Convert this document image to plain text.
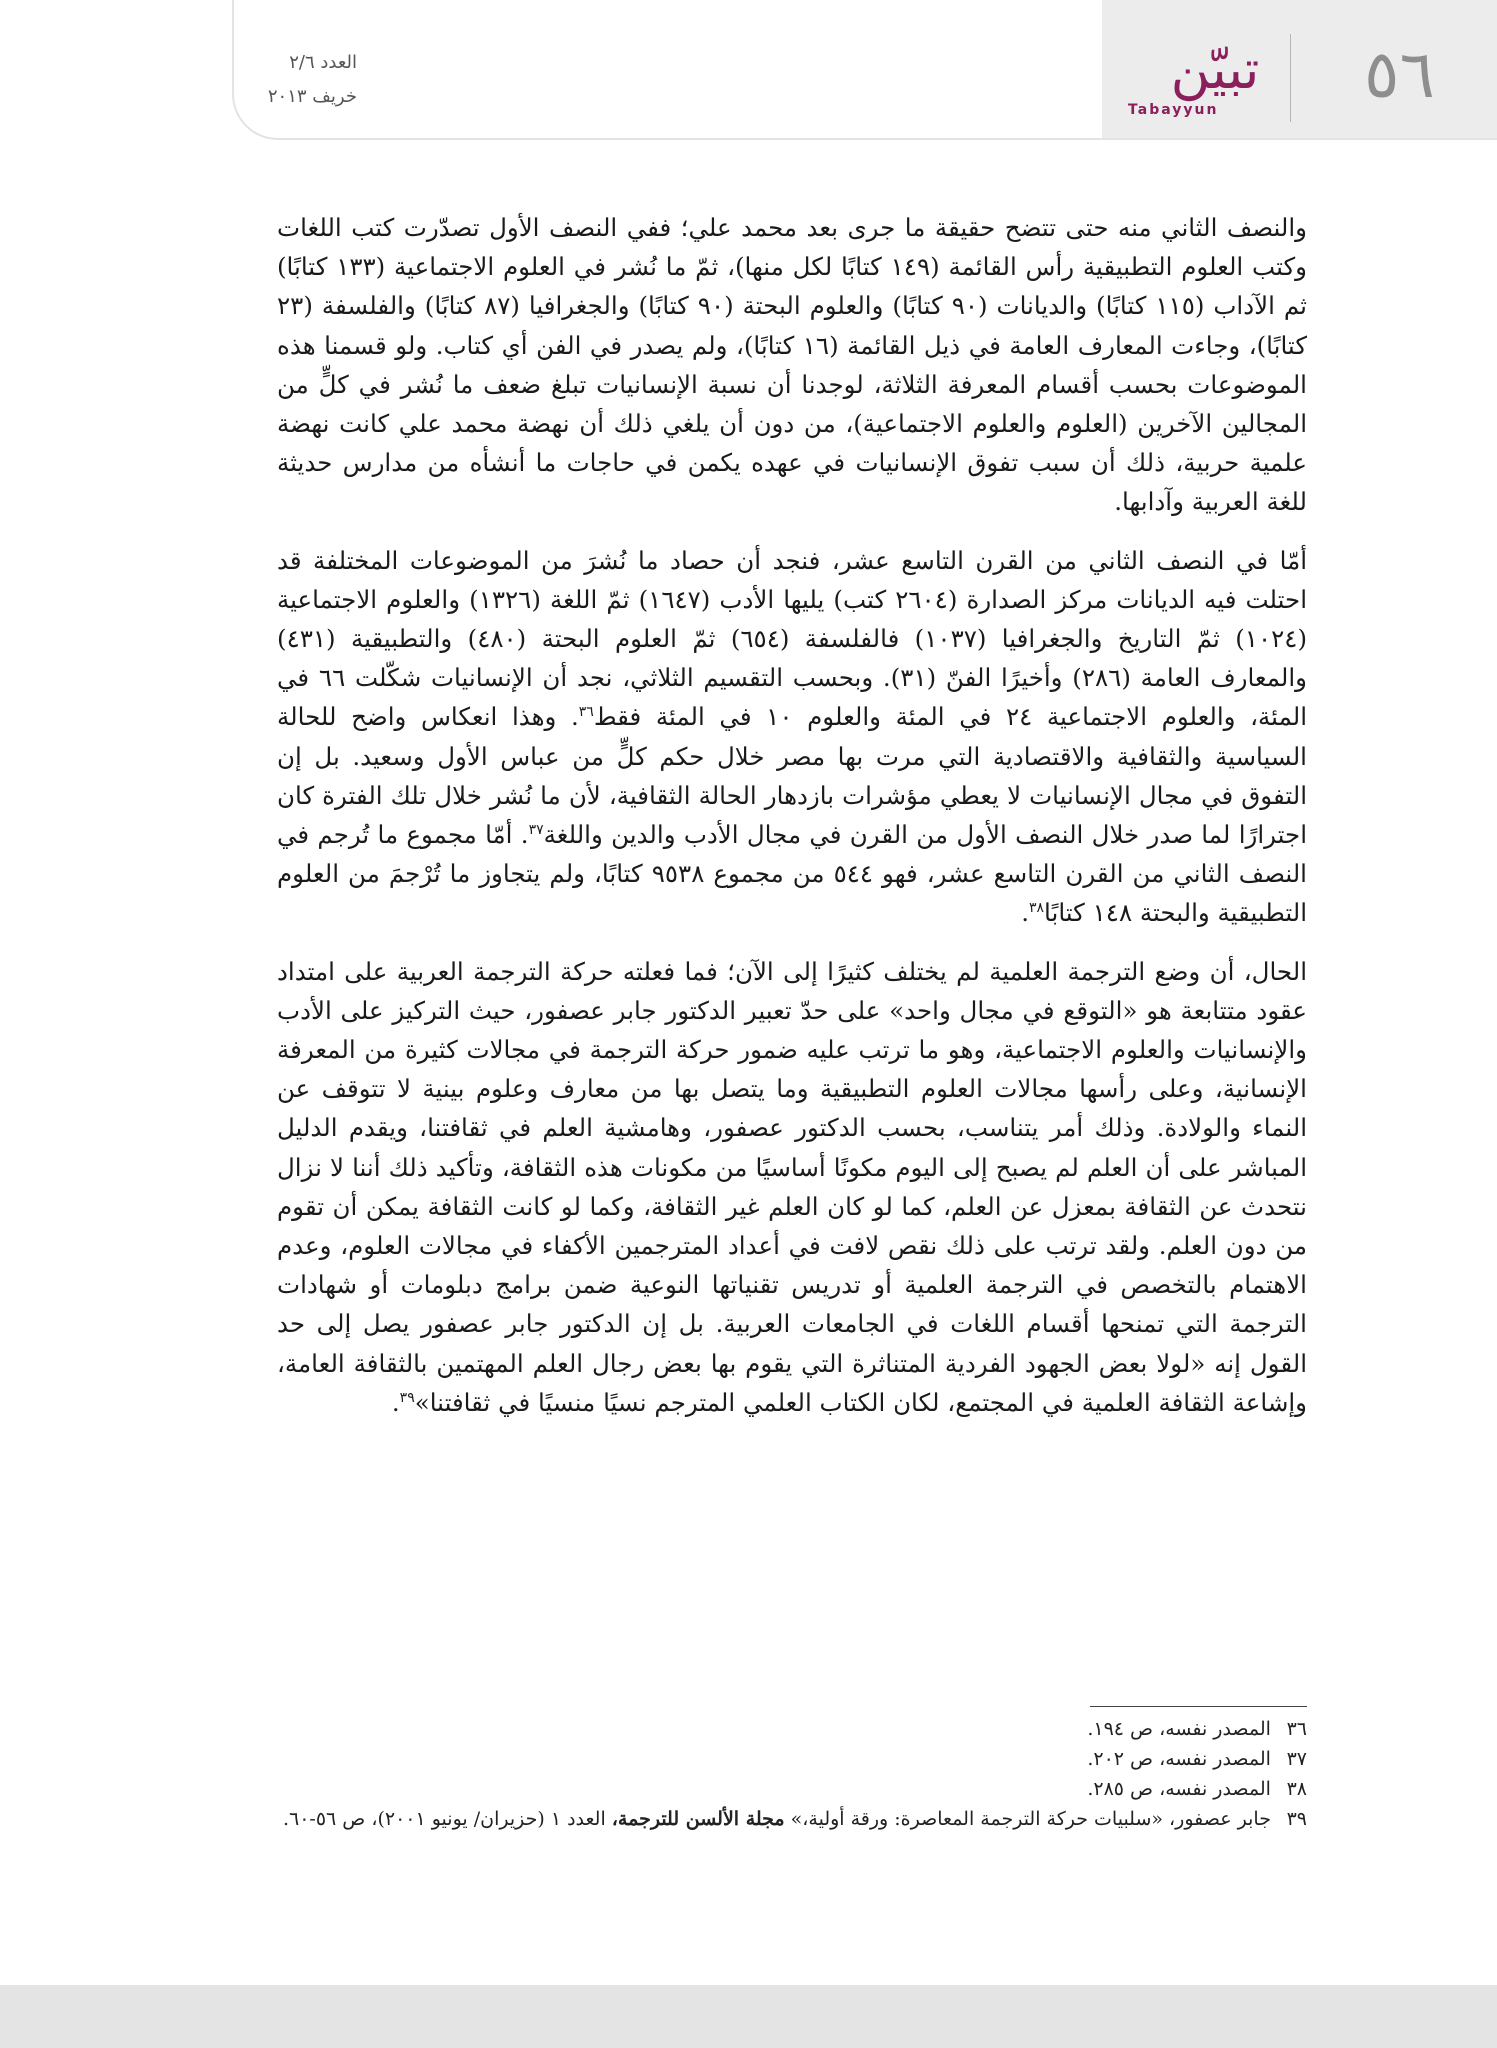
العدد ٢/٦
خريف ٢٠١٣	تبيّن
Tabayyun	٥٦

والنصف الثاني منه حتى تتضح حقيقة ما جرى بعد محمد علي؛ ففي النصف الأول تصدّرت كتب اللغات وكتب العلوم التطبيقية رأس القائمة (١٤٩ كتابًا لكل منها)، ثمّ ما نُشر في العلوم الاجتماعية (١٣٣ كتابًا) ثم الآداب (١١٥ كتابًا) والديانات (٩٠ كتابًا) والعلوم البحتة (٩٠ كتابًا) والجغرافيا (٨٧ كتابًا) والفلسفة (٢٣ كتابًا)، وجاءت المعارف العامة في ذيل القائمة (١٦ كتابًا)، ولم يصدر في الفن أي كتاب. ولو قسمنا هذه الموضوعات بحسب أقسام المعرفة الثلاثة، لوجدنا أن نسبة الإنسانيات تبلغ ضعف ما نُشر في كلٍّ من المجالين الآخرين (العلوم والعلوم الاجتماعية)، من دون أن يلغي ذلك أن نهضة محمد علي كانت نهضة علمية حربية، ذلك أن سبب تفوق الإنسانيات في عهده يكمن في حاجات ما أنشأه من مدارس حديثة للغة العربية وآدابها.

أمّا في النصف الثاني من القرن التاسع عشر، فنجد أن حصاد ما نُشرَ من الموضوعات المختلفة قد احتلت فيه الديانات مركز الصدارة (٢٦٠٤ كتب) يليها الأدب (١٦٤٧) ثمّ اللغة (١٣٢٦) والعلوم الاجتماعية (١٠٢٤) ثمّ التاريخ والجغرافيا (١٠٣٧) فالفلسفة (٦٥٤) ثمّ العلوم البحتة (٤٨٠) والتطبيقية (٤٣١) والمعارف العامة (٢٨٦) وأخيرًا الفنّ (٣١). وبحسب التقسيم الثلاثي، نجد أن الإنسانيات شكّلت ٦٦ في المئة، والعلوم الاجتماعية ٢٤ في المئة والعلوم ١٠ في المئة فقط$^{٣٦}$. وهذا انعكاس واضح للحالة السياسية والثقافية والاقتصادية التي مرت بها مصر خلال حكم كلٍّ من عباس الأول وسعيد. بل إن التفوق في مجال الإنسانيات لا يعطي مؤشرات بازدهار الحالة الثقافية، لأن ما نُشر خلال تلك الفترة كان اجترارًا لما صدر خلال النصف الأول من القرن في مجال الأدب والدين واللغة$^{٣٧}$. أمّا مجموع ما تُرجم في النصف الثاني من القرن التاسع عشر، فهو ٥٤٤ من مجموع ٩٥٣٨ كتابًا، ولم يتجاوز ما تُرْجمَ من العلوم التطبيقية والبحتة ١٤٨ كتابًا$^{٣٨}$.

الحال، أن وضع الترجمة العلمية لم يختلف كثيرًا إلى الآن؛ فما فعلته حركة الترجمة العربية على امتداد عقود متتابعة هو «التوقع في مجال واحد» على حدّ تعبير الدكتور جابر عصفور، حيث التركيز على الأدب والإنسانيات والعلوم الاجتماعية، وهو ما ترتب عليه ضمور حركة الترجمة في مجالات كثيرة من المعرفة الإنسانية، وعلى رأسها مجالات العلوم التطبيقية وما يتصل بها من معارف وعلوم بينية لا تتوقف عن النماء والولادة. وذلك أمر يتناسب، بحسب الدكتور عصفور، وهامشية العلم في ثقافتنا، ويقدم الدليل المباشر على أن العلم لم يصبح إلى اليوم مكونًا أساسيًا من مكونات هذه الثقافة، وتأكيد ذلك أننا لا نزال نتحدث عن الثقافة بمعزل عن العلم، كما لو كان العلم غير الثقافة، وكما لو كانت الثقافة يمكن أن تقوم من دون العلم. ولقد ترتب على ذلك نقص لافت في أعداد المترجمين الأكفاء في مجالات العلوم، وعدم الاهتمام بالتخصص في الترجمة العلمية أو تدريس تقنياتها النوعية ضمن برامج دبلومات أو شهادات الترجمة التي تمنحها أقسام اللغات في الجامعات العربية. بل إن الدكتور جابر عصفور يصل إلى حد القول إنه «لولا بعض الجهود الفردية المتناثرة التي يقوم بها بعض رجال العلم المهتمين بالثقافة العامة، وإشاعة الثقافة العلمية في المجتمع، لكان الكتاب العلمي المترجم نسيًا منسيًا في ثقافتنا»$^{٣٩}$.

٣٦ المصدر نفسه، ص ١٩٤.

٣٧ المصدر نفسه، ص ٢٠٢.

٣٨ المصدر نفسه، ص ٢٨٥.

٣٩ جابر عصفور، «سلبيات حركة الترجمة المعاصرة: ورقة أولية،» مجلة الألسن للترجمة، العدد ١ (حزيران/ يونيو ٢٠٠١)، ص ٥٦-٦٠.
